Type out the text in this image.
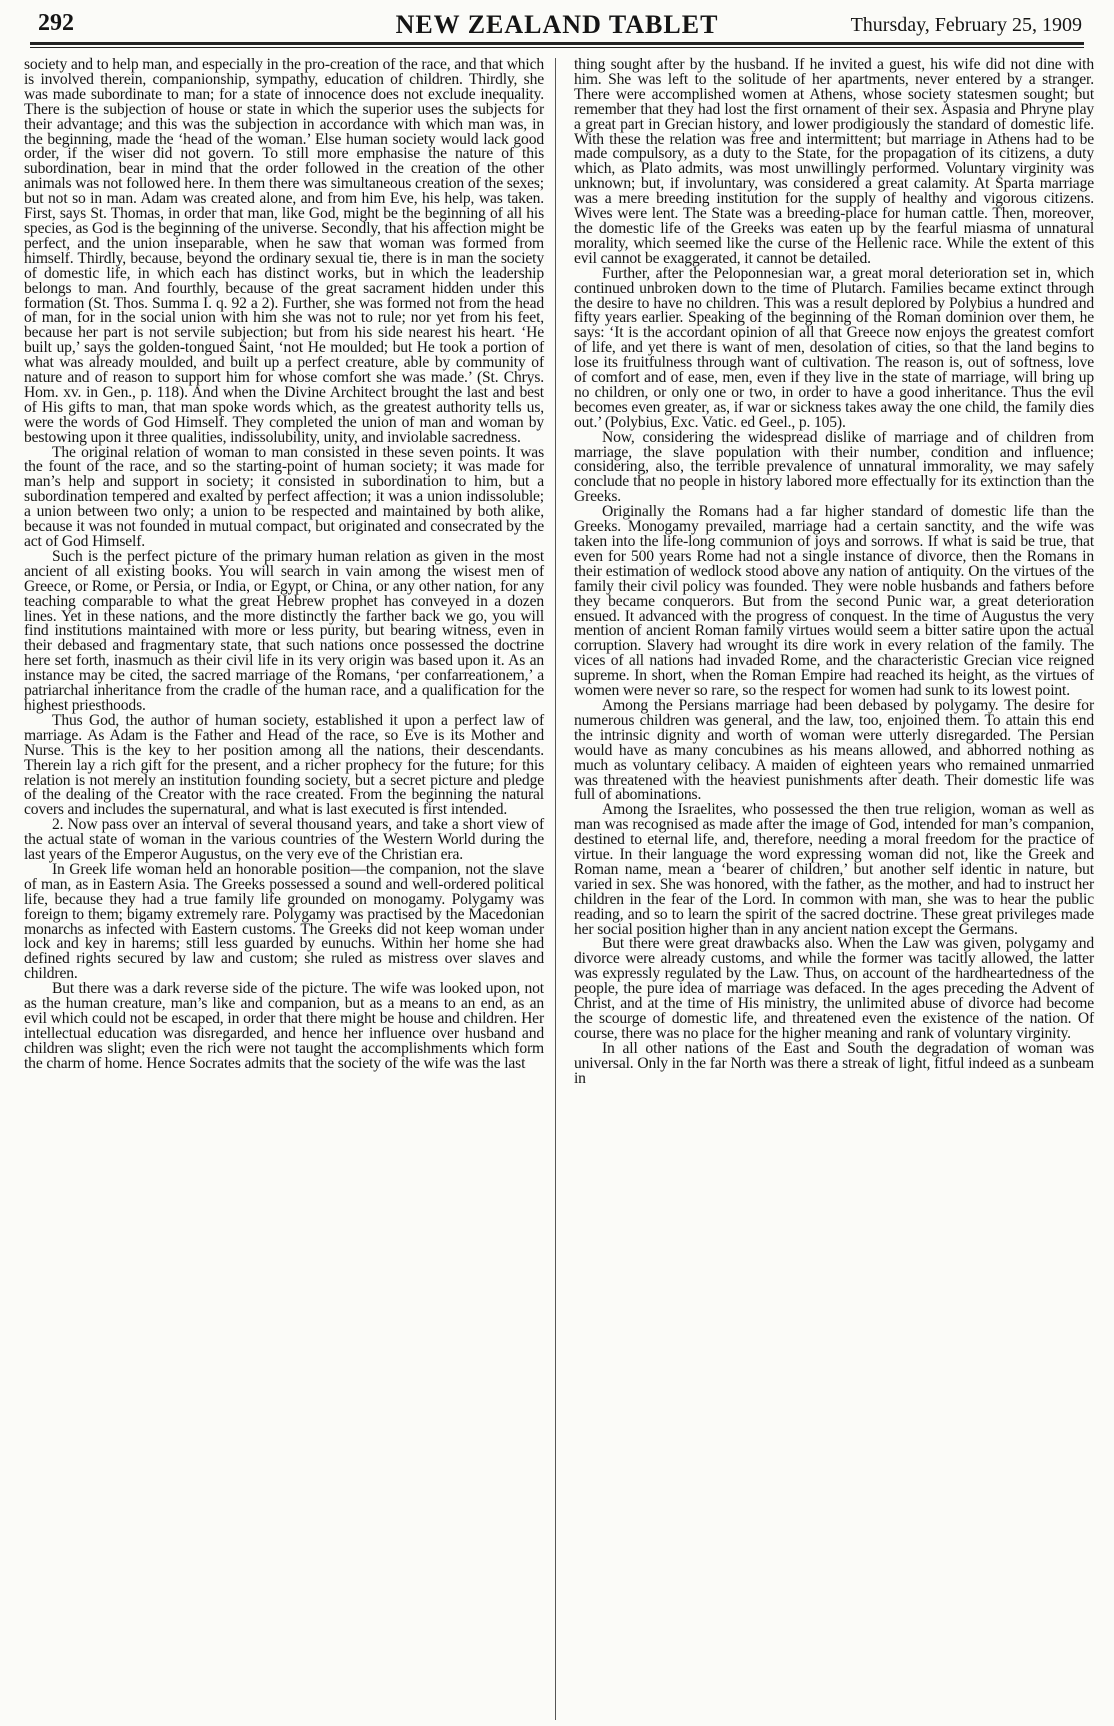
292	NEW ZEALAND TABLET	Thursday, February 25, 1909

society and to help man, and especially in the pro-creation of the race, and that which is involved therein, companionship, sympathy, education of children. Thirdly, she was made subordinate to man; for a state of innocence does not exclude inequality. There is the subjection of house or state in which the superior uses the subjects for their advantage; and this was the subjection in accordance with which man was, in the beginning, made the ‘head of the woman.’ Else human society would lack good order, if the wiser did not govern. To still more emphasise the nature of this subordination, bear in mind that the order followed in the creation of the other animals was not followed here. In them there was simultaneous creation of the sexes; but not so in man. Adam was created alone, and from him Eve, his help, was taken. First, says St. Thomas, in order that man, like God, might be the beginning of all his species, as God is the beginning of the universe. Secondly, that his affection might be perfect, and the union inseparable, when he saw that woman was formed from himself. Thirdly, because, beyond the ordinary sexual tie, there is in man the society of domestic life, in which each has distinct works, but in which the leadership belongs to man. And fourthly, because of the great sacrament hidden under this formation (St. Thos. Summa I. q. 92 a 2). Further, she was formed not from the head of man, for in the social union with him she was not to rule; nor yet from his feet, because her part is not servile subjection; but from his side nearest his heart. ‘He built up,’ says the golden-tongued Saint, ‘not He moulded; but He took a portion of what was already moulded, and built up a perfect creature, able by community of nature and of reason to support him for whose comfort she was made.’ (St. Chrys. Hom. xv. in Gen., p. 118). And when the Divine Architect brought the last and best of His gifts to man, that man spoke words which, as the greatest authority tells us, were the words of God Himself. They completed the union of man and woman by bestowing upon it three qualities, indissolubility, unity, and inviolable sacredness.

The original relation of woman to man consisted in these seven points. It was the fount of the race, and so the starting-point of human society; it was made for man’s help and support in society; it consisted in subordination to him, but a subordination tempered and exalted by perfect affection; it was a union indissoluble; a union between two only; a union to be respected and maintained by both alike, because it was not founded in mutual compact, but originated and consecrated by the act of God Himself.

Such is the perfect picture of the primary human relation as given in the most ancient of all existing books. You will search in vain among the wisest men of Greece, or Rome, or Persia, or India, or Egypt, or China, or any other nation, for any teaching comparable to what the great Hebrew prophet has conveyed in a dozen lines. Yet in these nations, and the more distinctly the farther back we go, you will find institutions maintained with more or less purity, but bearing witness, even in their debased and fragmentary state, that such nations once possessed the doctrine here set forth, inasmuch as their civil life in its very origin was based upon it. As an instance may be cited, the sacred marriage of the Romans, ‘per confarreationem,’ a patriarchal inheritance from the cradle of the human race, and a qualification for the highest priesthoods.

Thus God, the author of human society, established it upon a perfect law of marriage. As Adam is the Father and Head of the race, so Eve is its Mother and Nurse. This is the key to her position among all the nations, their descendants. Therein lay a rich gift for the present, and a richer prophecy for the future; for this relation is not merely an institution founding society, but a secret picture and pledge of the dealing of the Creator with the race created. From the beginning the natural covers and includes the supernatural, and what is last executed is first intended.

2. Now pass over an interval of several thousand years, and take a short view of the actual state of woman in the various countries of the Western World during the last years of the Emperor Augustus, on the very eve of the Christian era.

In Greek life woman held an honorable position—the companion, not the slave of man, as in Eastern Asia. The Greeks possessed a sound and well-ordered political life, because they had a true family life grounded on monogamy. Polygamy was foreign to them; bigamy extremely rare. Polygamy was practised by the Macedonian monarchs as infected with Eastern customs. The Greeks did not keep woman under lock and key in harems; still less guarded by eunuchs. Within her home she had defined rights secured by law and custom; she ruled as mistress over slaves and children.

But there was a dark reverse side of the picture. The wife was looked upon, not as the human creature, man’s like and companion, but as a means to an end, as an evil which could not be escaped, in order that there might be house and children. Her intellectual education was disregarded, and hence her influence over husband and children was slight; even the rich were not taught the accomplishments which form the charm of home. Hence Socrates admits that the society of the wife was the last

thing sought after by the husband. If he invited a guest, his wife did not dine with him. She was left to the solitude of her apartments, never entered by a stranger. There were accomplished women at Athens, whose society statesmen sought; but remember that they had lost the first ornament of their sex. Aspasia and Phryne play a great part in Grecian history, and lower prodigiously the standard of domestic life. With these the relation was free and intermittent; but marriage in Athens had to be made compulsory, as a duty to the State, for the propagation of its citizens, a duty which, as Plato admits, was most unwillingly performed. Voluntary virginity was unknown; but, if involuntary, was considered a great calamity. At Sparta marriage was a mere breeding institution for the supply of healthy and vigorous citizens. Wives were lent. The State was a breeding-place for human cattle. Then, moreover, the domestic life of the Greeks was eaten up by the fearful miasma of unnatural morality, which seemed like the curse of the Hellenic race. While the extent of this evil cannot be exaggerated, it cannot be detailed.

Further, after the Peloponnesian war, a great moral deterioration set in, which continued unbroken down to the time of Plutarch. Families became extinct through the desire to have no children. This was a result deplored by Polybius a hundred and fifty years earlier. Speaking of the beginning of the Roman dominion over them, he says: ‘It is the accordant opinion of all that Greece now enjoys the greatest comfort of life, and yet there is want of men, desolation of cities, so that the land begins to lose its fruitfulness through want of cultivation. The reason is, out of softness, love of comfort and of ease, men, even if they live in the state of marriage, will bring up no children, or only one or two, in order to have a good inheritance. Thus the evil becomes even greater, as, if war or sickness takes away the one child, the family dies out.’ (Polybius, Exc. Vatic. ed Geel., p. 105).

Now, considering the widespread dislike of marriage and of children from marriage, the slave population with their number, condition and influence; considering, also, the terrible prevalence of unnatural immorality, we may safely conclude that no people in history labored more effectually for its extinction than the Greeks.

Originally the Romans had a far higher standard of domestic life than the Greeks. Monogamy prevailed, marriage had a certain sanctity, and the wife was taken into the life-long communion of joys and sorrows. If what is said be true, that even for 500 years Rome had not a single instance of divorce, then the Romans in their estimation of wedlock stood above any nation of antiquity. On the virtues of the family their civil policy was founded. They were noble husbands and fathers before they became conquerors. But from the second Punic war, a great deterioration ensued. It advanced with the progress of conquest. In the time of Augustus the very mention of ancient Roman family virtues would seem a bitter satire upon the actual corruption. Slavery had wrought its dire work in every relation of the family. The vices of all nations had invaded Rome, and the characteristic Grecian vice reigned supreme. In short, when the Roman Empire had reached its height, as the virtues of women were never so rare, so the respect for women had sunk to its lowest point.

Among the Persians marriage had been debased by polygamy. The desire for numerous children was general, and the law, too, enjoined them. To attain this end the intrinsic dignity and worth of woman were utterly disregarded. The Persian would have as many concubines as his means allowed, and abhorred nothing as much as voluntary celibacy. A maiden of eighteen years who remained unmarried was threatened with the heaviest punishments after death. Their domestic life was full of abominations.

Among the Israelites, who possessed the then true religion, woman as well as man was recognised as made after the image of God, intended for man’s companion, destined to eternal life, and, therefore, needing a moral freedom for the practice of virtue. In their language the word expressing woman did not, like the Greek and Roman name, mean a ‘bearer of children,’ but another self identic in nature, but varied in sex. She was honored, with the father, as the mother, and had to instruct her children in the fear of the Lord. In common with man, she was to hear the public reading, and so to learn the spirit of the sacred doctrine. These great privileges made her social position higher than in any ancient nation except the Germans.

But there were great drawbacks also. When the Law was given, polygamy and divorce were already customs, and while the former was tacitly allowed, the latter was expressly regulated by the Law. Thus, on account of the hardheartedness of the people, the pure idea of marriage was defaced. In the ages preceding the Advent of Christ, and at the time of His ministry, the unlimited abuse of divorce had become the scourge of domestic life, and threatened even the existence of the nation. Of course, there was no place for the higher meaning and rank of voluntary virginity.

In all other nations of the East and South the degradation of woman was universal. Only in the far North was there a streak of light, fitful indeed as a sunbeam in
